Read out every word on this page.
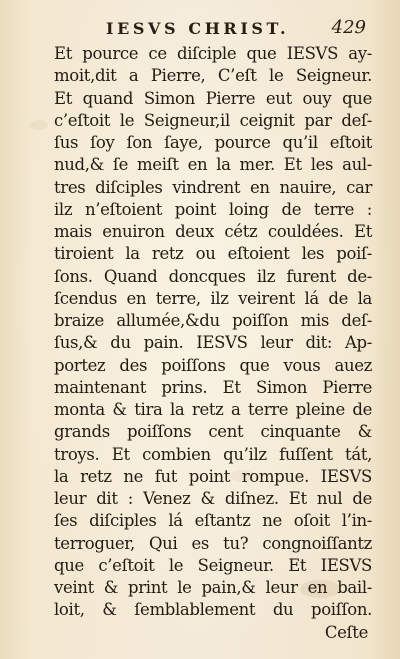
IESVS CHRIST. 429
Et pource ce diſciple que IESVS ay-
moit,dit a Pierre, C’eſt le Seigneur.
Et quand Simon Pierre eut ouy que
c’eſtoit le Seigneur,il ceignit par deſ-
ſus ſoy ſon ſaye, pource qu’il eſtoit
nud,& ſe meiſt en la mer. Et les aul-
tres diſciples vindrent en nauire, car
ilz n’eſtoient point loing de terre :
mais enuiron deux cétz couldées. Et
tiroient la retz ou eſtoient les poiſ-
ſons. Quand doncques ilz furent de-
ſcendus en terre, ilz veirent lá de la
braize allumée,&du poiſſon mis deſ-
ſus,& du pain. IESVS leur dit: Ap-
portez des poiſſons que vous auez
maintenant prins. Et Simon Pierre
monta & tira la retz a terre pleine de
grands poiſſons cent cinquante &
troys. Et combien qu’ilz fuſſent tát,
la retz ne fut point rompue. IESVS
leur dit : Venez & diſnez. Et nul de
ſes diſciples lá eſtantz ne oſoit l’in-
terroguer, Qui es tu? congnoiſſantz
que c’eſtoit le Seigneur. Et IESVS
veint & print le pain,& leur en bail-
loit, & ſemblablement du poiſſon.
Ceſte
